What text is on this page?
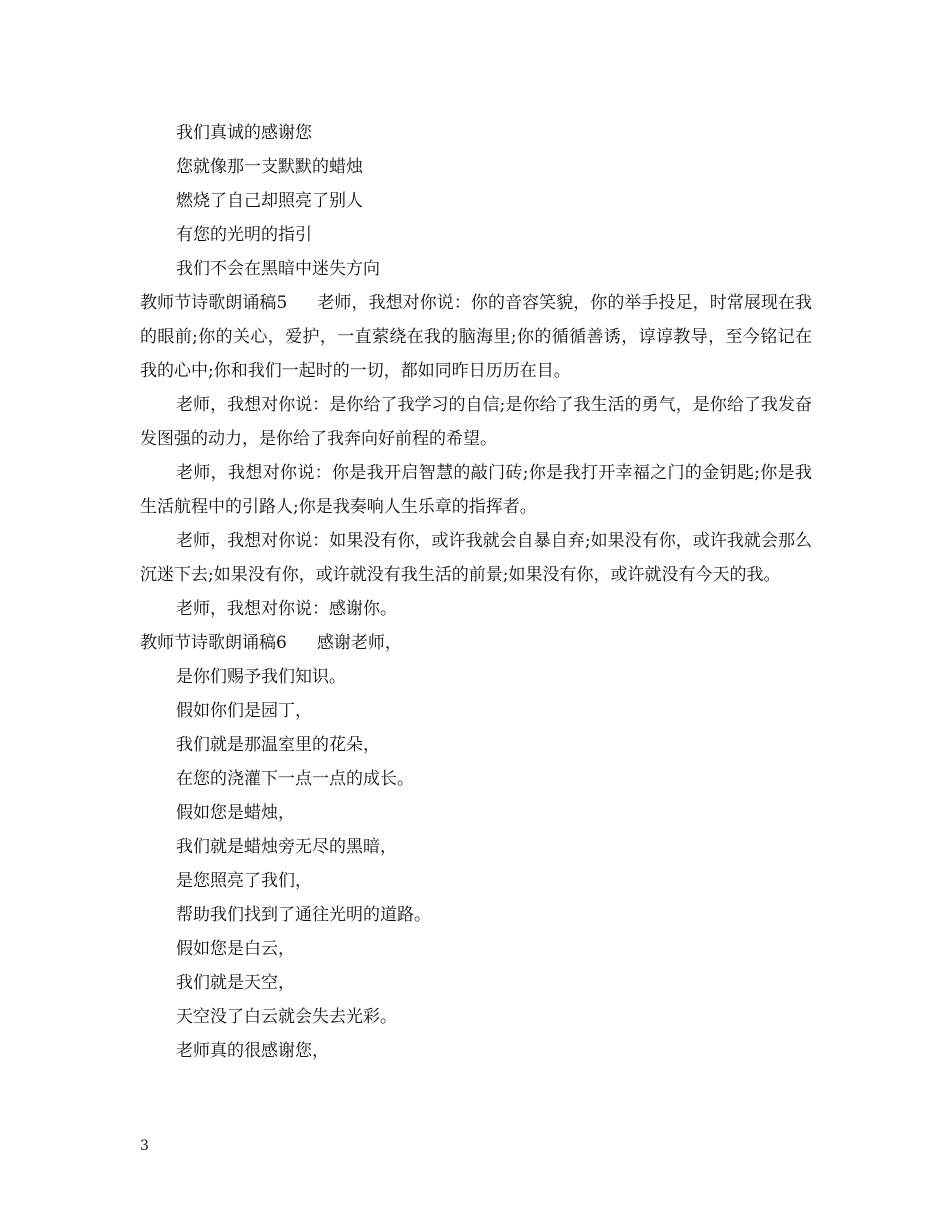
我们真诚的感谢您
您就像那一支默默的蜡烛
燃烧了自己却照亮了别人
有您的光明的指引
我们不会在黑暗中迷失方向

教师节诗歌朗诵稿5 老师，我想对你说：你的音容笑貌，你的举手投足，时常展现在我的眼前;你的关心，爱护，一直萦绕在我的脑海里;你的循循善诱，谆谆教导，至今铭记在我的心中;你和我们一起时的一切，都如同昨日历历在目。

老师，我想对你说：是你给了我学习的自信;是你给了我生活的勇气，是你给了我发奋发图强的动力，是你给了我奔向好前程的希望。

老师，我想对你说：你是我开启智慧的敲门砖;你是我打开幸福之门的金钥匙;你是我生活航程中的引路人;你是我奏响人生乐章的指挥者。

老师，我想对你说：如果没有你，或许我就会自暴自弃;如果没有你，或许我就会那么沉迷下去;如果没有你，或许就没有我生活的前景;如果没有你，或许就没有今天的我。

老师，我想对你说：感谢你。

教师节诗歌朗诵稿6 感谢老师，
是你们赐予我们知识。
假如你们是园丁，
我们就是那温室里的花朵，
在您的浇灌下一点一点的成长。
假如您是蜡烛，
我们就是蜡烛旁无尽的黑暗，
是您照亮了我们，
帮助我们找到了通往光明的道路。
假如您是白云，
我们就是天空，
天空没了白云就会失去光彩。
老师真的很感谢您，
3
